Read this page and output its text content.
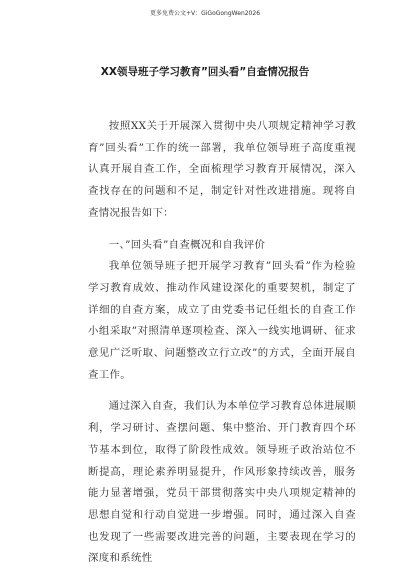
更多免费公文+V：GiGoGongWen2026
XX领导班子学习教育”回头看”自查情况报告

按照XX关于开展深入贯彻中央八项规定精神学习教育”回头看”工作的统一部署，我单位领导班子高度重视认真开展自查工作，全面梳理学习教育开展情况，深入查找存在的问题和不足，制定针对性改进措施。现将自查情况报告如下：

一、”回头看”自查概况和自我评价

我单位领导班子把开展学习教育”回头看”作为检验学习教育成效、推动作风建设深化的重要契机，制定了详细的自查方案，成立了由党委书记任组长的自查工作小组采取”对照清单逐项检查、深入一线实地调研、征求意见广泛听取、问题整改立行立改”的方式，全面开展自查工作。

通过深入自查，我们认为本单位学习教育总体进展顺利，学习研讨、查摆问题、集中整治、开门教育四个环节基本到位，取得了阶段性成效。领导班子政治站位不断提高，理论素养明显提升，作风形象持续改善，服务能力显著增强，党员干部贯彻落实中央八项规定精神的思想自觉和行动自觉进一步增强。同时，通过深入自查也发现了一些需要改进完善的问题，主要表现在学习的深度和系统性
